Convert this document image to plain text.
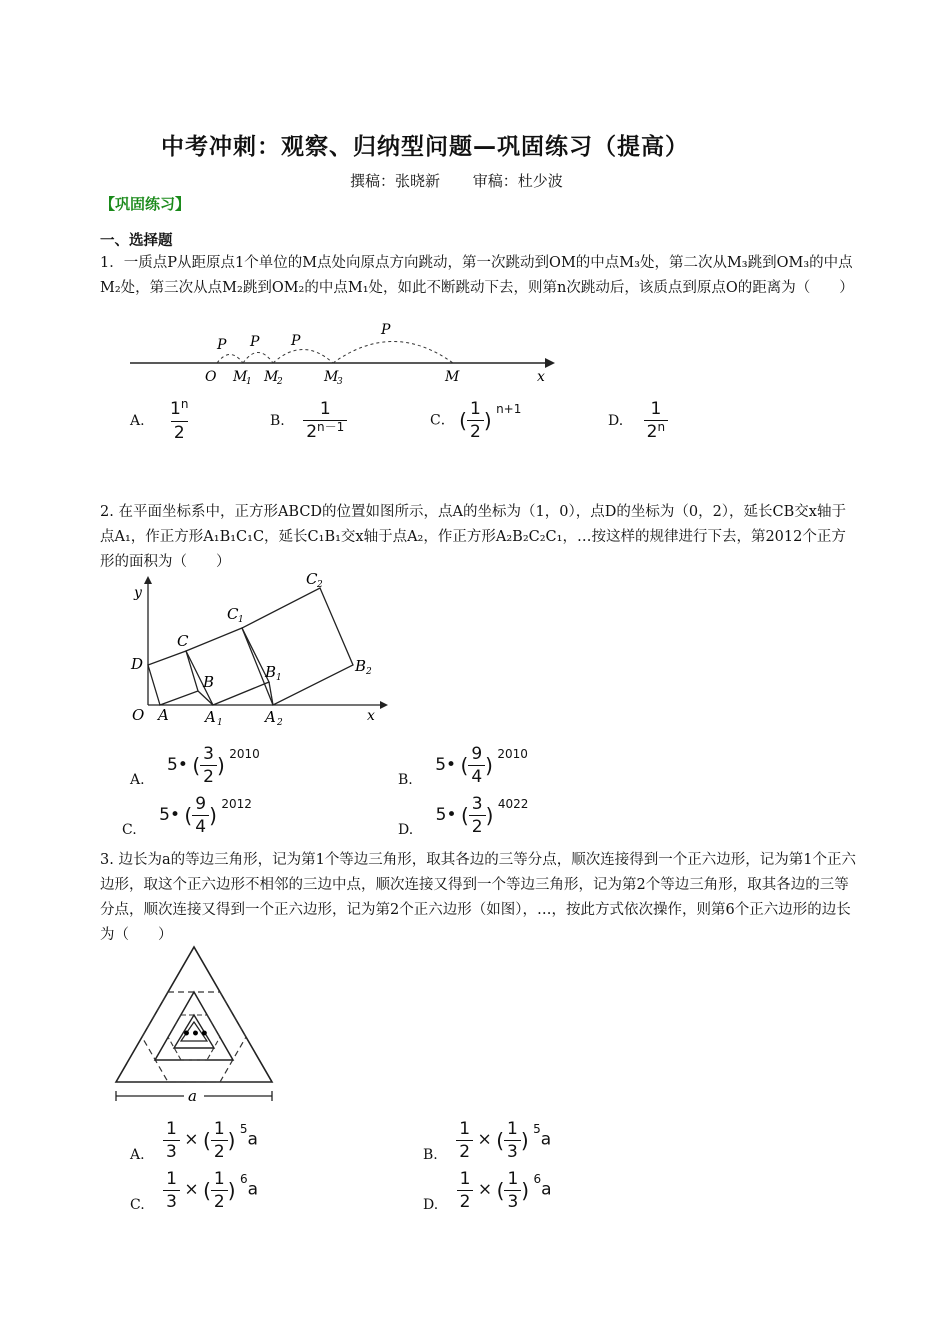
中考冲刺：观察、归纳型问题—巩固练习（提高）
撰稿：张晓新 审稿：杜少波
【巩固练习】
一、选择题
1．一质点P从距原点1个单位的M点处向原点方向跳动，第一次跳动到OM的中点M₃处，第二次从M₃跳到OM₃的中点M₂处，第三次从点M₂跳到OM₂的中点M₁处，如此不断跳动下去，则第n次跳动后，该质点到原点O的距离为（　　）
O M
1 M
2	M
3	M	x
P P P
P
A. $\frac{1^n}{2}$	B. $\frac{1}{2^{n-1}}$	C． ( $\frac{1}{2}$ ) n+1
D. $\frac{1}{2^n}$
2. 在平面坐标系中，正方形ABCD的位置如图所示，点A的坐标为（1，0），点D的坐标为（0，2），延长CB交x轴于点A₁，作正方形A₁B₁C₁C，延长C₁B₁交x轴于点A₂，作正方形A₂B₂C₂C₁，…按这样的规律进行下去，第2012个正方形的面积为（　　）
y
x
O A
D
C
B
A 1	A 2
C 1
B 1
C 2
B 2
A. 5• ( $\frac{3}{2}$ ) 2010
B. 5• ( $\frac{9}{4}$ ) 2010
C. 5• ( $\frac{9}{4}$ ) 2012
D. 5• ( $\frac{3}{2}$ ) 4022
3. 边长为a的等边三角形，记为第1个等边三角形，取其各边的三等分点，顺次连接得到一个正六边形，记为第1个正六边形，取这个正六边形不相邻的三边中点，顺次连接又得到一个等边三角形，记为第2个等边三角形，取其各边的三等分点，顺次连接又得到一个正六边形，记为第2个正六边形（如图），…，按此方式依次操作，则第6个正六边形的边长为（　　）
•••
a
A. $\frac{1}{3}$ × ( $\frac{1}{2}$ ) 5a
B. $\frac{1}{2}$ × ( $\frac{1}{3}$ ) 5a
C. $\frac{1}{3}$ × ( $\frac{1}{2}$ ) 6a
D. $\frac{1}{2}$ × ( $\frac{1}{3}$ ) 6a
